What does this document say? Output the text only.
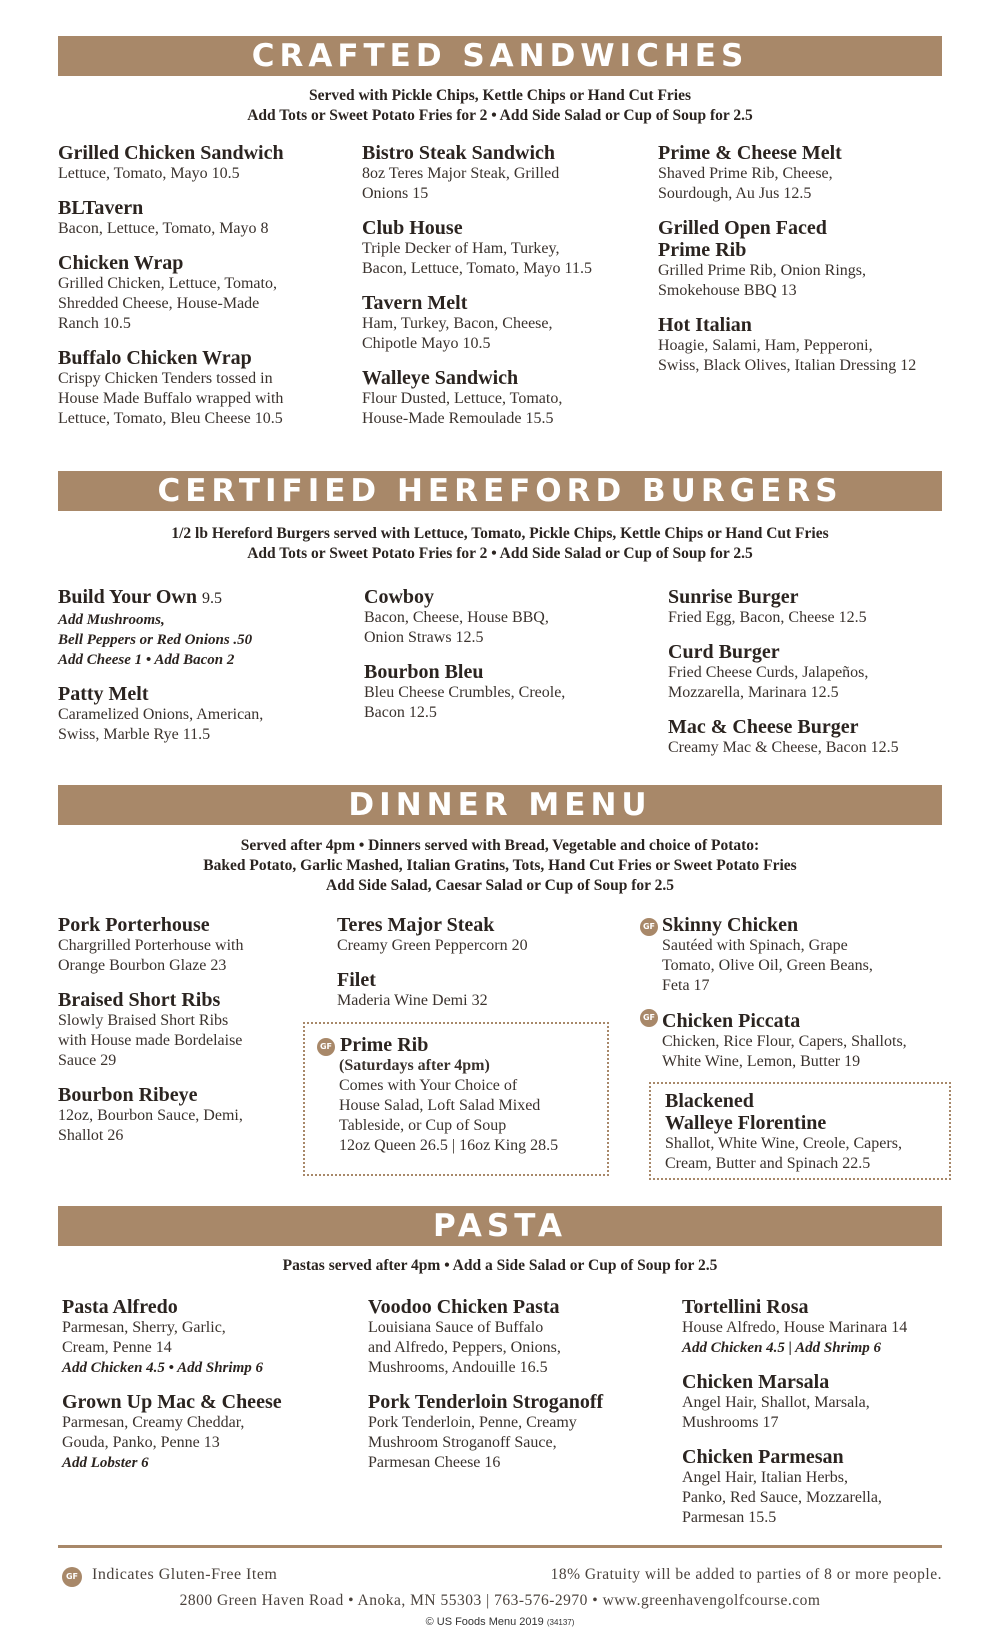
CRAFTED SANDWICHES
Served with Pickle Chips, Kettle Chips or Hand Cut Fries
Add Tots or Sweet Potato Fries for 2 • Add Side Salad or Cup of Soup for 2.5
Grilled Chicken Sandwich
Lettuce, Tomato, Mayo 10.5
BLTavern
Bacon, Lettuce, Tomato, Mayo 8
Chicken Wrap
Grilled Chicken, Lettuce, Tomato,
Shredded Cheese, House-Made
Ranch 10.5
Buffalo Chicken Wrap
Crispy Chicken Tenders tossed in
House Made Buffalo wrapped with
Lettuce, Tomato, Bleu Cheese 10.5
Bistro Steak Sandwich
8oz Teres Major Steak, Grilled
Onions 15
Club House
Triple Decker of Ham, Turkey,
Bacon, Lettuce, Tomato, Mayo 11.5
Tavern Melt
Ham, Turkey, Bacon, Cheese,
Chipotle Mayo 10.5
Walleye Sandwich
Flour Dusted, Lettuce, Tomato,
House-Made Remoulade 15.5
Prime & Cheese Melt
Shaved Prime Rib, Cheese,
Sourdough, Au Jus 12.5
Grilled Open Faced
Prime Rib
Grilled Prime Rib, Onion Rings,
Smokehouse BBQ 13
Hot Italian
Hoagie, Salami, Ham, Pepperoni,
Swiss, Black Olives, Italian Dressing 12
CERTIFIED HEREFORD BURGERS
1/2 lb Hereford Burgers served with Lettuce, Tomato, Pickle Chips, Kettle Chips or Hand Cut Fries
Add Tots or Sweet Potato Fries for 2 • Add Side Salad or Cup of Soup for 2.5
Build Your Own 9.5
Add Mushrooms,
Bell Peppers or Red Onions .50
Add Cheese 1 • Add Bacon 2
Patty Melt
Caramelized Onions, American,
Swiss, Marble Rye 11.5
Cowboy
Bacon, Cheese, House BBQ,
Onion Straws 12.5
Bourbon Bleu
Bleu Cheese Crumbles, Creole,
Bacon 12.5
Sunrise Burger
Fried Egg, Bacon, Cheese 12.5
Curd Burger
Fried Cheese Curds, Jalapeños,
Mozzarella, Marinara 12.5
Mac & Cheese Burger
Creamy Mac & Cheese, Bacon 12.5
DINNER MENU
Served after 4pm • Dinners served with Bread, Vegetable and choice of Potato:
Baked Potato, Garlic Mashed, Italian Gratins, Tots, Hand Cut Fries or Sweet Potato Fries
Add Side Salad, Caesar Salad or Cup of Soup for 2.5
Pork Porterhouse
Chargrilled Porterhouse with
Orange Bourbon Glaze 23
Braised Short Ribs
Slowly Braised Short Ribs
with House made Bordelaise
Sauce 29
Bourbon Ribeye
12oz, Bourbon Sauce, Demi,
Shallot 26
Teres Major Steak
Creamy Green Peppercorn 20
Filet
Maderia Wine Demi 32
GF Prime Rib
(Saturdays after 4pm)
Comes with Your Choice of
House Salad, Loft Salad Mixed
Tableside, or Cup of Soup
12oz Queen 26.5 | 16oz King 28.5
Skinny Chicken
Sautéed with Spinach, Grape
Tomato, Olive Oil, Green Beans,
Feta 17
Chicken Piccata
Chicken, Rice Flour, Capers, Shallots,
White Wine, Lemon, Butter 19
GF
GF
Blackened
Walleye Florentine
Shallot, White Wine, Creole, Capers,
Cream, Butter and Spinach 22.5
PASTA
Pastas served after 4pm • Add a Side Salad or Cup of Soup for 2.5
Pasta Alfredo
Parmesan, Sherry, Garlic,
Cream, Penne 14
Add Chicken 4.5 • Add Shrimp 6
Grown Up Mac & Cheese
Parmesan, Creamy Cheddar,
Gouda, Panko, Penne 13
Add Lobster 6
Voodoo Chicken Pasta
Louisiana Sauce of Buffalo
and Alfredo, Peppers, Onions,
Mushrooms, Andouille 16.5
Pork Tenderloin Stroganoff
Pork Tenderloin, Penne, Creamy
Mushroom Stroganoff Sauce,
Parmesan Cheese 16
Tortellini Rosa
House Alfredo, House Marinara 14
Add Chicken 4.5 | Add Shrimp 6
Chicken Marsala
Angel Hair, Shallot, Marsala,
Mushrooms 17
Chicken Parmesan
Angel Hair, Italian Herbs,
Panko, Red Sauce, Mozzarella,
Parmesan 15.5
GF Indicates Gluten-Free Item	18% Gratuity will be added to parties of 8 or more people.
2800 Green Haven Road • Anoka, MN 55303 | 763-576-2970 • www.greenhavengolfcourse.com
© US Foods Menu 2019 (34137)
